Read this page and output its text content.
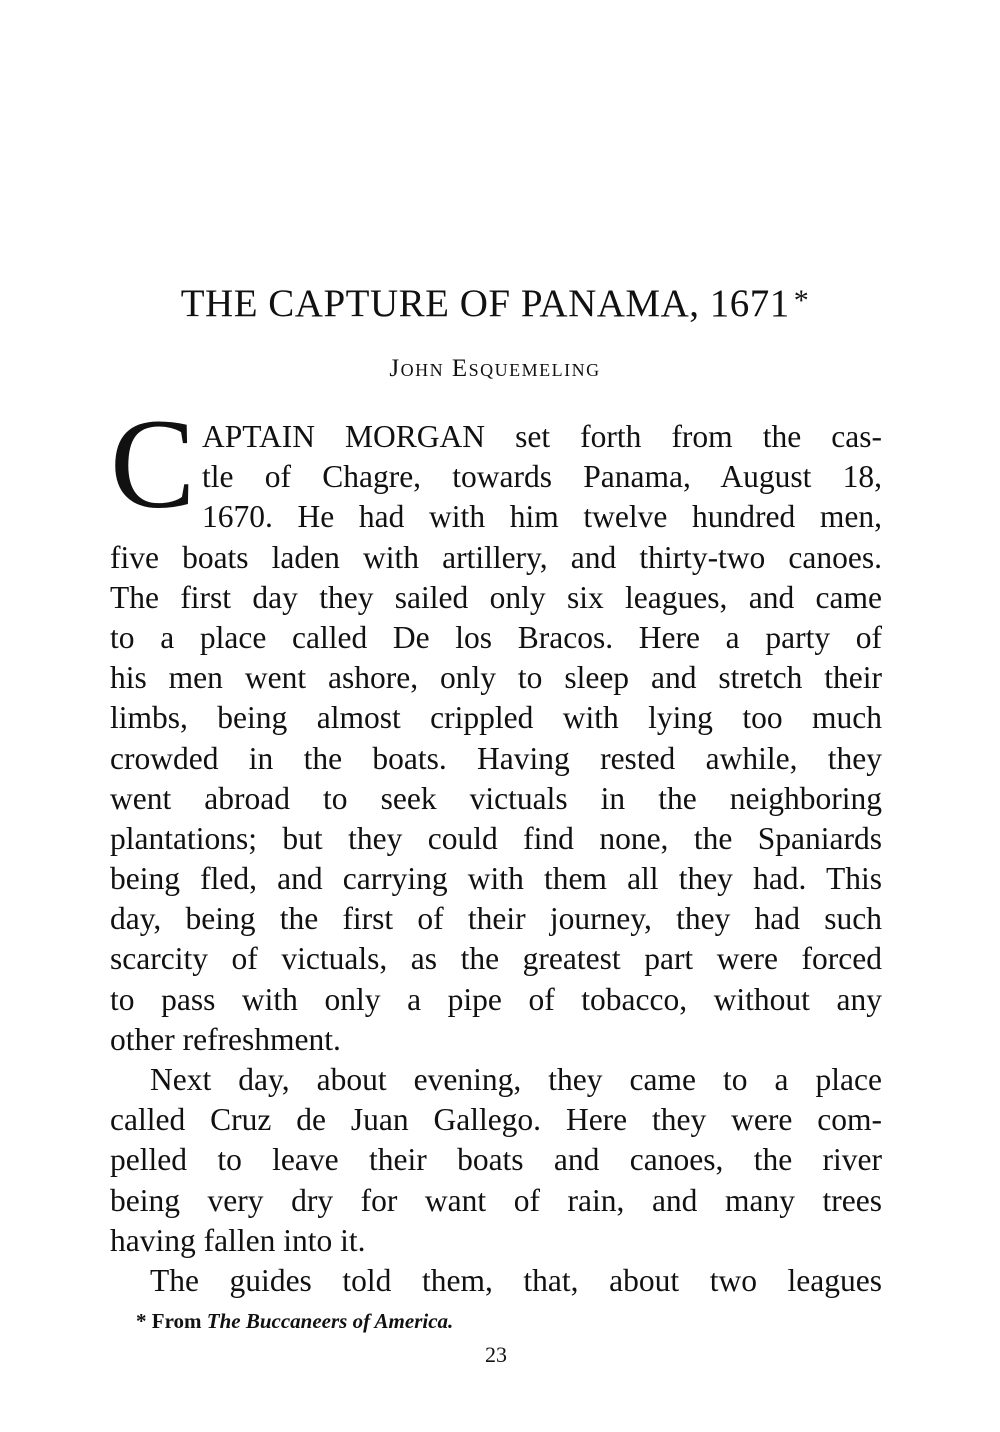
THE CAPTURE OF PANAMA, 1671 *
John Esquemeling
C APTAIN MORGAN set forth from the cas-
tle of Chagre, towards Panama, August 18,
1670. He had with him twelve hundred men,
five boats laden with artillery, and thirty-two canoes.
The first day they sailed only six leagues, and came
to a place called De los Bracos. Here a party of
his men went ashore, only to sleep and stretch their
limbs, being almost crippled with lying too much
crowded in the boats. Having rested awhile, they
went abroad to seek victuals in the neighboring
plantations; but they could find none, the Spaniards
being fled, and carrying with them all they had. This
day, being the first of their journey, they had such
scarcity of victuals, as the greatest part were forced
to pass with only a pipe of tobacco, without any
other refreshment.
Next day, about evening, they came to a place
called Cruz de Juan Gallego. Here they were com-
pelled to leave their boats and canoes, the river
being very dry for want of rain, and many trees
having fallen into it.
The guides told them, that, about two leagues
* From The Buccaneers of America.
23
